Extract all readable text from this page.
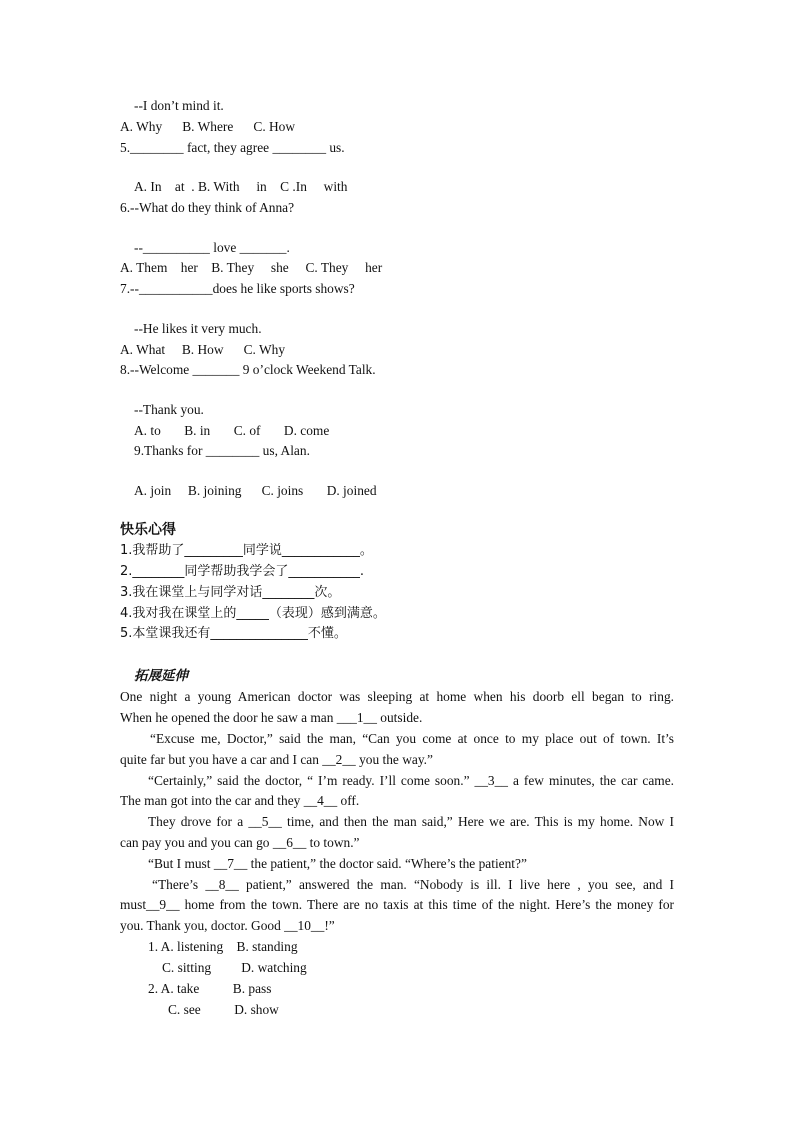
--I don’t mind it.
A. Why      B. Where      C. How
5.________ fact, they agree ________ us.
A. In    at  . B. With     in    C .In     with
6.--What do they think of Anna?
--__________ love _______.
A. Them    her    B. They     she     C. They     her
7.--___________does he like sports shows?
--He likes it very much.
A. What     B. How      C. Why
8.--Welcome _______ 9 o’clock Weekend Talk.
--Thank you.
A. to       B. in       C. of       D. come
9.Thanks for ________ us, Alan.
A. join     B. joining      C. joins       D. joined
快乐心得
1.我帮助了_________同学说____________。
2.________同学帮助我学会了___________.
3.我在课堂上与同学对话________次。
4.我对我在课堂上的_____（表现）感到满意。
5.本堂课我还有_______________不懂。
拓展延伸
One night a young American doctor was sleeping at home when his doorb ell began to ring.
When he opened the door he saw a man ___1__ outside.
“Excuse me, Doctor,” said the man, “Can you come at once to my place out of town. It’s
quite far but you have a car and I can __2__ you the way.”
“Certainly,” said the doctor, “ I’m ready. I’ll come soon.” __3__ a few minutes, the car came.
The man got into the car and they __4__ off.
They drove for a __5__ time, and then the man said,” Here we are. This is my home. Now I
can pay you and you can go __6__ to town.”
“But I must __7__ the patient,” the doctor said. “Where’s the patient?”
“There’s __8__ patient,” answered the man. “Nobody is ill. I live here , you see, and I
must__9__ home from the town. There are no taxis at this time of the night. Here’s the money for
you. Thank you, doctor. Good __10__!”
1. A. listening    B. standing
C. sitting         D. watching
2. A. take          B. pass
C. see          D. show
